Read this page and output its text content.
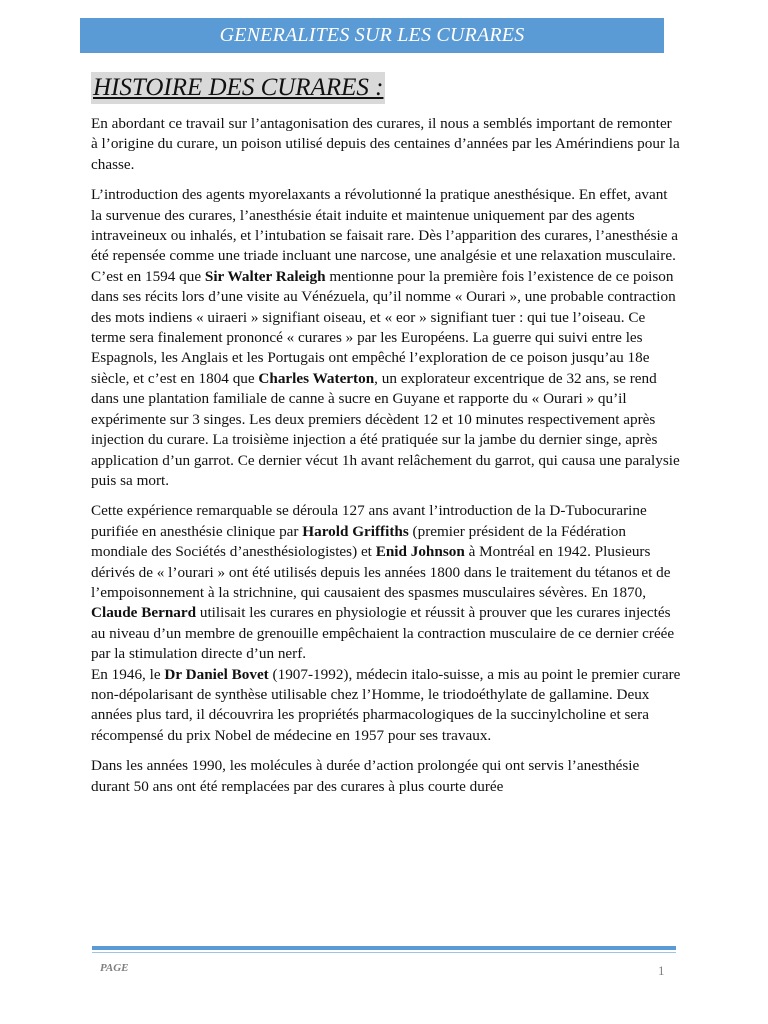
GENERALITES SUR LES CURARES
HISTOIRE DES CURARES :

En abordant ce travail sur l’antagonisation des curares, il nous a semblés important de remonter à l’origine du curare, un poison utilisé depuis des centaines d’années par les Amérindiens pour la chasse.

L’introduction des agents myorelaxants a révolutionné la pratique anesthésique. En effet, avant la survenue des curares, l’anesthésie était induite et maintenue uniquement par des agents intraveineux ou inhalés, et l’intubation se faisait rare. Dès l’apparition des curares, l’anesthésie a été repensée comme une triade incluant une narcose, une analgésie et une relaxation musculaire. C’est en 1594 que Sir Walter Raleigh mentionne pour la première fois l’existence de ce poison dans ses récits lors d’une visite au Vénézuela, qu’il nomme « Ourari », une probable contraction des mots indiens « uiraeri » signifiant oiseau, et « eor » signifiant tuer : qui tue l’oiseau. Ce terme sera finalement prononcé « curares » par les Européens. La guerre qui suivi entre les Espagnols, les Anglais et les Portugais ont empêché l’exploration de ce poison jusqu’au 18e siècle, et c’est en 1804 que Charles Waterton, un explorateur excentrique de 32 ans, se rend dans une plantation familiale de canne à sucre en Guyane et rapporte du « Ourari » qu’il expérimente sur 3 singes. Les deux premiers décèdent 12 et 10 minutes respectivement après injection du curare. La troisième injection a été pratiquée sur la jambe du dernier singe, après application d’un garrot. Ce dernier vécut 1h avant relâchement du garrot, qui causa une paralysie puis sa mort.

Cette expérience remarquable se déroula 127 ans avant l’introduction de la D-Tubocurarine purifiée en anesthésie clinique par Harold Griffiths (premier président de la Fédération mondiale des Sociétés d’anesthésiologistes) et Enid Johnson à Montréal en 1942. Plusieurs dérivés de « l’ourari » ont été utilisés depuis les années 1800 dans le traitement du tétanos et de l’empoisonnement à la strichnine, qui causaient des spasmes musculaires sévères. En 1870, Claude Bernard utilisait les curares en physiologie et réussit à prouver que les curares injectés au niveau d’un membre de grenouille empêchaient la contraction musculaire de ce dernier créée par la stimulation directe d’un nerf.

En 1946, le Dr Daniel Bovet (1907-1992), médecin italo-suisse, a mis au point le premier curare non-dépolarisant de synthèse utilisable chez l’Homme, le triodoéthylate de gallamine. Deux années plus tard, il découvrira les propriétés pharmacologiques de la succinylcholine et sera récompensé du prix Nobel de médecine en 1957 pour ses travaux.

Dans les années 1990, les molécules à durée d’action prolongée qui ont servis l’anesthésie durant 50 ans ont été remplacées par des curares à plus courte durée

PAGE	1
